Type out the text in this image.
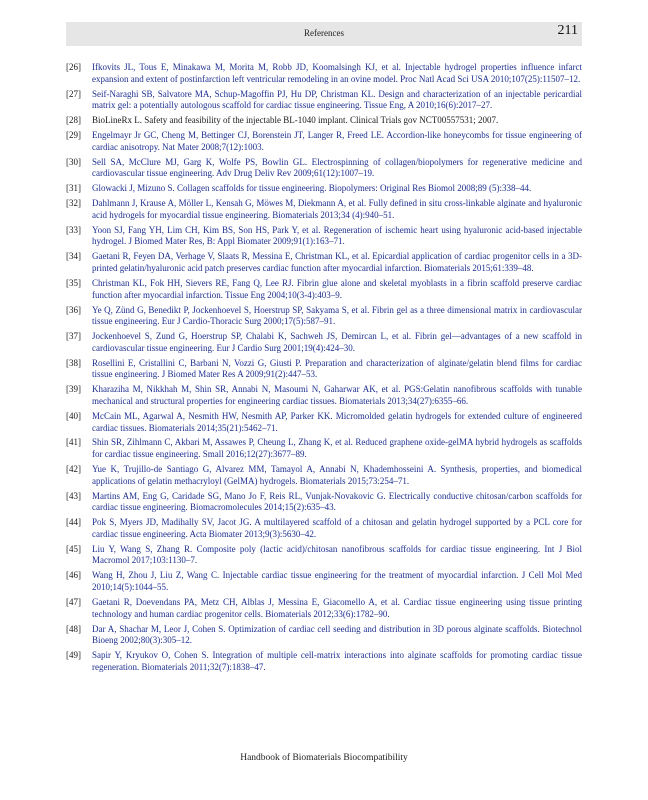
References	211
[26]	Ifkovits JL, Tous E, Minakawa M, Morita M, Robb JD, Koomalsingh KJ, et al. Injectable hydrogel properties influence infarct expansion and extent of postinfarction left ventricular remodeling in an ovine model. Proc Natl Acad Sci USA 2010;107(25):11507–12.
[27]	Seif-Naraghi SB, Salvatore MA, Schup-Magoffin PJ, Hu DP, Christman KL. Design and characterization of an injectable pericardial matrix gel: a potentially autologous scaffold for cardiac tissue engineering. Tissue Eng, A 2010;16(6):2017–27.
[28]	BioLineRx L. Safety and feasibility of the injectable BL-1040 implant. Clinical Trials gov NCT00557531; 2007.
[29]	Engelmayr Jr GC, Cheng M, Bettinger CJ, Borenstein JT, Langer R, Freed LE. Accordion-like honeycombs for tissue engineering of cardiac anisotropy. Nat Mater 2008;7(12):1003.
[30]	Sell SA, McClure MJ, Garg K, Wolfe PS, Bowlin GL. Electrospinning of collagen/biopolymers for regenerative medicine and cardiovascular tissue engineering. Adv Drug Deliv Rev 2009;61(12):1007–19.
[31]	Glowacki J, Mizuno S. Collagen scaffolds for tissue engineering. Biopolymers: Original Res Biomol 2008;89 (5):338–44.
[32]	Dahlmann J, Krause A, Möller L, Kensah G, Möwes M, Diekmann A, et al. Fully defined in situ cross-linkable alginate and hyaluronic acid hydrogels for myocardial tissue engineering. Biomaterials 2013;34 (4):940–51.
[33]	Yoon SJ, Fang YH, Lim CH, Kim BS, Son HS, Park Y, et al. Regeneration of ischemic heart using hyaluronic acid-based injectable hydrogel. J Biomed Mater Res, B: Appl Biomater 2009;91(1):163–71.
[34]	Gaetani R, Feyen DA, Verhage V, Slaats R, Messina E, Christman KL, et al. Epicardial application of cardiac progenitor cells in a 3D-printed gelatin/hyaluronic acid patch preserves cardiac function after myocardial infarction. Biomaterials 2015;61:339–48.
[35]	Christman KL, Fok HH, Sievers RE, Fang Q, Lee RJ. Fibrin glue alone and skeletal myoblasts in a fibrin scaffold preserve cardiac function after myocardial infarction. Tissue Eng 2004;10(3-4):403–9.
[36]	Ye Q, Zünd G, Benedikt P, Jockenhoevel S, Hoerstrup SP, Sakyama S, et al. Fibrin gel as a three dimensional matrix in cardiovascular tissue engineering. Eur J Cardio-Thoracic Surg 2000;17(5):587–91.
[37]	Jockenhoevel S, Zund G, Hoerstrup SP, Chalabi K, Sachweh JS, Demircan L, et al. Fibrin gel—advantages of a new scaffold in cardiovascular tissue engineering. Eur J Cardio Surg 2001;19(4):424–30.
[38]	Rosellini E, Cristallini C, Barbani N, Vozzi G, Giusti P. Preparation and characterization of alginate/gelatin blend films for cardiac tissue engineering. J Biomed Mater Res A 2009;91(2):447–53.
[39]	Kharaziha M, Nikkhah M, Shin SR, Annabi N, Masoumi N, Gaharwar AK, et al. PGS:Gelatin nanofibrous scaffolds with tunable mechanical and structural properties for engineering cardiac tissues. Biomaterials 2013;34(27):6355–66.
[40]	McCain ML, Agarwal A, Nesmith HW, Nesmith AP, Parker KK. Micromolded gelatin hydrogels for extended culture of engineered cardiac tissues. Biomaterials 2014;35(21):5462–71.
[41]	Shin SR, Zihlmann C, Akbari M, Assawes P, Cheung L, Zhang K, et al. Reduced graphene oxide-gelMA hybrid hydrogels as scaffolds for cardiac tissue engineering. Small 2016;12(27):3677–89.
[42]	Yue K, Trujillo-de Santiago G, Alvarez MM, Tamayol A, Annabi N, Khademhosseini A. Synthesis, properties, and biomedical applications of gelatin methacryloyl (GelMA) hydrogels. Biomaterials 2015;73:254–71.
[43]	Martins AM, Eng G, Caridade SG, Mano Jo F, Reis RL, Vunjak-Novakovic G. Electrically conductive chitosan/carbon scaffolds for cardiac tissue engineering. Biomacromolecules 2014;15(2):635–43.
[44]	Pok S, Myers JD, Madihally SV, Jacot JG. A multilayered scaffold of a chitosan and gelatin hydrogel supported by a PCL core for cardiac tissue engineering. Acta Biomater 2013;9(3):5630–42.
[45]	Liu Y, Wang S, Zhang R. Composite poly (lactic acid)/chitosan nanofibrous scaffolds for cardiac tissue engineering. Int J Biol Macromol 2017;103:1130–7.
[46]	Wang H, Zhou J, Liu Z, Wang C. Injectable cardiac tissue engineering for the treatment of myocardial infarction. J Cell Mol Med 2010;14(5):1044–55.
[47]	Gaetani R, Doevendans PA, Metz CH, Alblas J, Messina E, Giacomello A, et al. Cardiac tissue engineering using tissue printing technology and human cardiac progenitor cells. Biomaterials 2012;33(6):1782–90.
[48]	Dar A, Shachar M, Leor J, Cohen S. Optimization of cardiac cell seeding and distribution in 3D porous alginate scaffolds. Biotechnol Bioeng 2002;80(3):305–12.
[49]	Sapir Y, Kryukov O, Cohen S. Integration of multiple cell-matrix interactions into alginate scaffolds for promoting cardiac tissue regeneration. Biomaterials 2011;32(7):1838–47.
Handbook of Biomaterials Biocompatibility
